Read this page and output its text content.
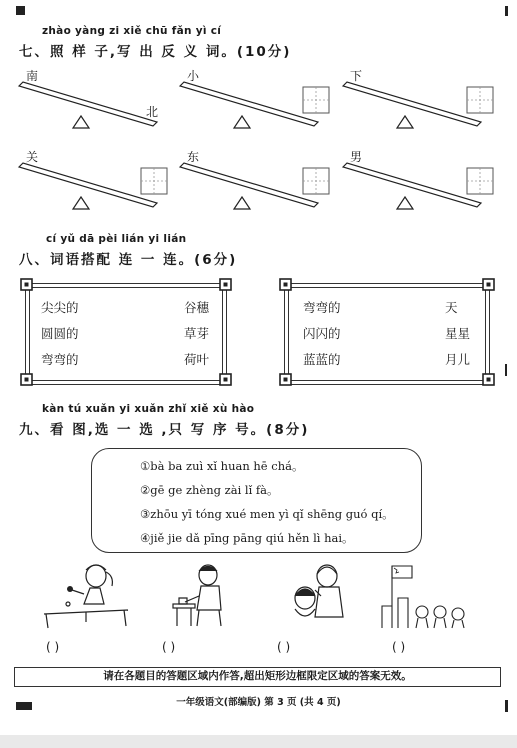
zhào yàng zi xiě chū fǎn yì cí
七、照 样 子,写 出 反 义 词。(10分)
南	小	下
北
关	东	男
cí yǔ dā pèi lián yi lián
八、词语搭配 连 一 连。(6分)
尖尖的
圆圆的
弯弯的
谷穗
草芽
荷叶
弯弯的
闪闪的
蓝蓝的
天
星星
月儿
kàn tú xuǎn yi xuǎn zhǐ xiě xù hào
九、看 图,选 一 选 ,只 写 序 号。(8分)
①bà ba zuì xǐ huan hē chá。
②gē ge zhèng zài lǐ fà。
③zhōu yī tóng xué men yì qǐ shēng guó qí。
④jiě jie dǎ pīng pāng qiú hěn lì hai。
( )	( )	( )	( )
请在各题目的答题区域内作答,超出矩形边框限定区域的答案无效。
一年级语文(部编版) 第 3 页 (共 4 页)
